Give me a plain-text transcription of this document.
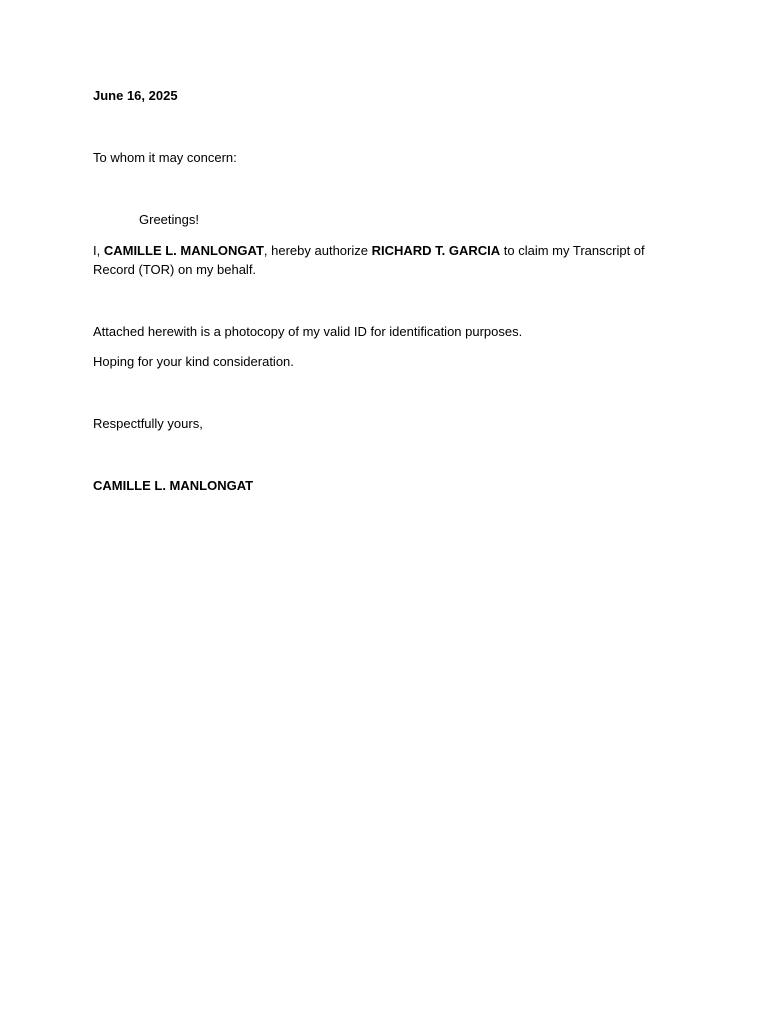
June 16, 2025
To whom it may concern:
Greetings!
I, CAMILLE L. MANLONGAT, hereby authorize RICHARD T. GARCIA to claim my Transcript of Record (TOR) on my behalf.
Attached herewith is a photocopy of my valid ID for identification purposes.
Hoping for your kind consideration.
Respectfully yours,
CAMILLE L. MANLONGAT
